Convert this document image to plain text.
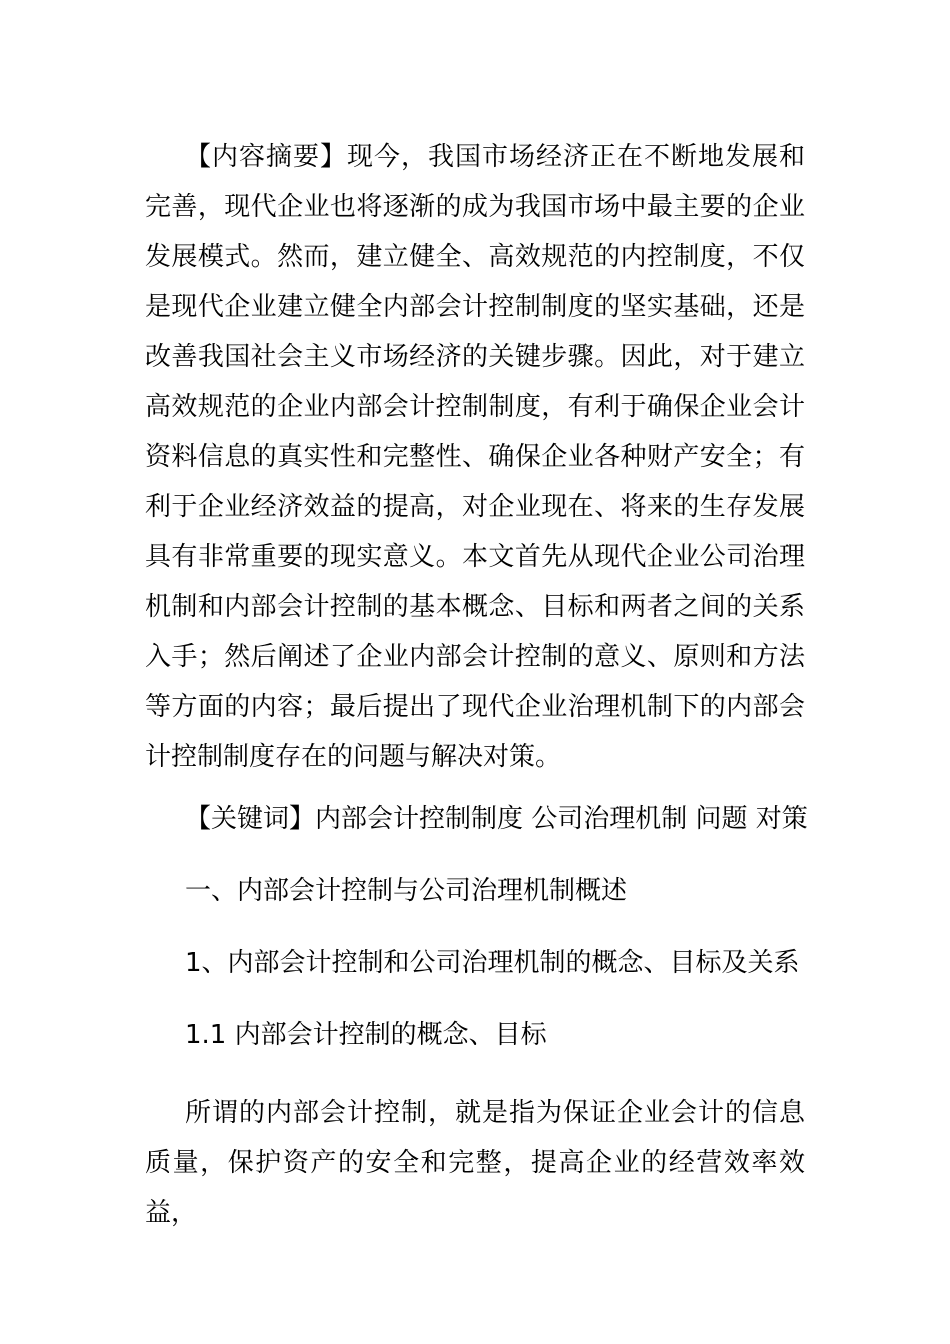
【内容摘要】现今，我国市场经济正在不断地发展和完善，现代企业也将逐渐的成为我国市场中最主要的企业发展模式。然而，建立健全、高效规范的内控制度，不仅是现代企业建立健全内部会计控制制度的坚实基础，还是改善我国社会主义市场经济的关键步骤。因此，对于建立高效规范的企业内部会计控制制度，有利于确保企业会计资料信息的真实性和完整性、确保企业各种财产安全；有利于企业经济效益的提高，对企业现在、将来的生存发展具有非常重要的现实意义。本文首先从现代企业公司治理机制和内部会计控制的基本概念、目标和两者之间的关系入手；然后阐述了企业内部会计控制的意义、原则和方法等方面的内容；最后提出了现代企业治理机制下的内部会计控制制度存在的问题与解决对策。

【关键词】内部会计控制制度 公司治理机制 问题 对策
一、内部会计控制与公司治理机制概述
1、内部会计控制和公司治理机制的概念、目标及关系
1.1 内部会计控制的概念、目标

所谓的内部会计控制，就是指为保证企业会计的信息质量，保护资产的安全和完整，提高企业的经营效率效益，
